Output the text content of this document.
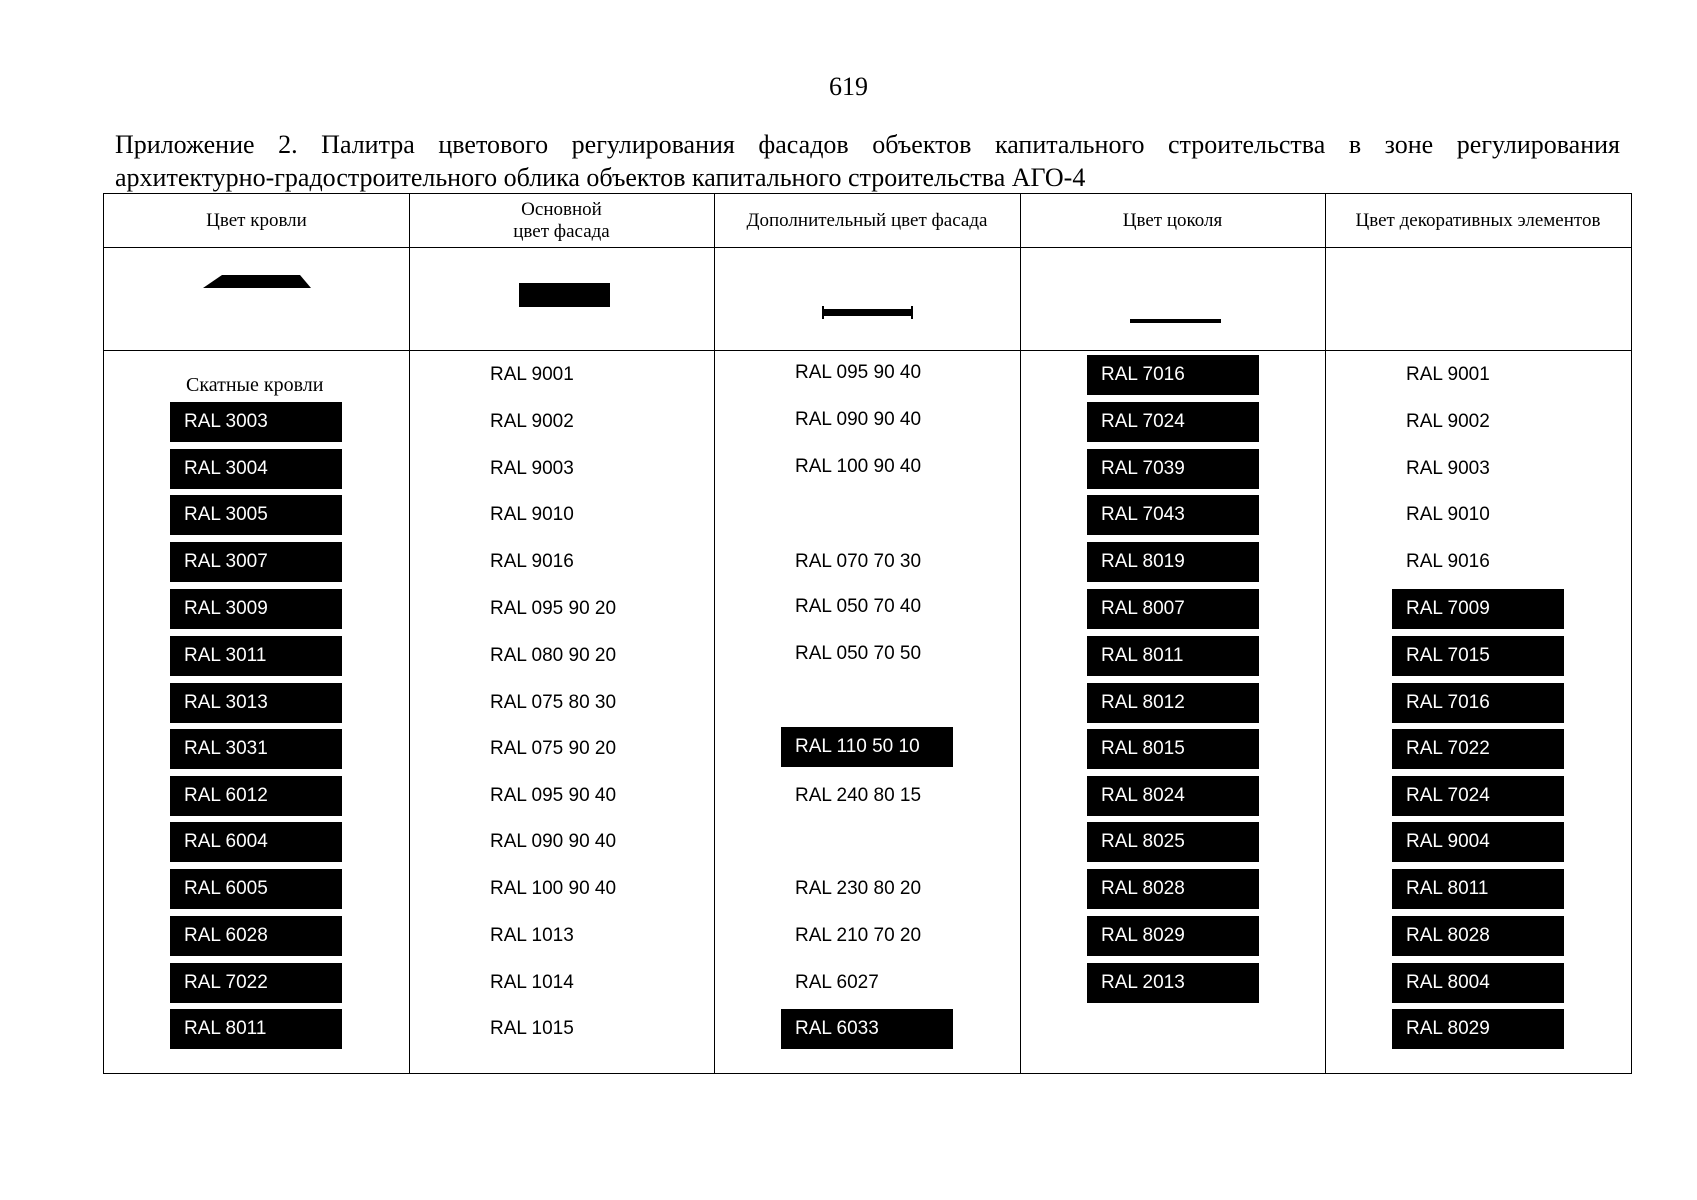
619
Приложение 2. Палитра цветового регулирования фасадов объектов капитального строительства в зоне регулирования
архитектурно-градостроительного облика объектов капитального строительства АГО-4
Цвет кровли
Основной
цвет фасада
Дополнительный цвет фасада	Цвет цоколя	Цвет декоративных элементов
Скатные кровли
RAL 3003
RAL 3004
RAL 3005
RAL 3007
RAL 3009
RAL 3011
RAL 3013
RAL 3031
RAL 6012
RAL 6004
RAL 6005
RAL 6028
RAL 7022
RAL 8011
RAL 9001
RAL 9002
RAL 9003
RAL 9010
RAL 9016
RAL 095 90 20
RAL 080 90 20
RAL 075 80 30
RAL 075 90 20
RAL 095 90 40
RAL 090 90 40
RAL 100 90 40
RAL 1013
RAL 1014
RAL 1015
RAL 095 90 40
RAL 090 90 40
RAL 100 90 40
RAL 070 70 30
RAL 050 70 40
RAL 050 70 50
RAL 110 50 10
RAL 240 80 15
RAL 230 80 20
RAL 210 70 20
RAL 6027
RAL 6033
RAL 7016
RAL 7024
RAL 7039
RAL 7043
RAL 8019
RAL 8007
RAL 8011
RAL 8012
RAL 8015
RAL 8024
RAL 8025
RAL 8028
RAL 8029
RAL 2013
RAL 9001
RAL 9002
RAL 9003
RAL 9010
RAL 9016
RAL 7009
RAL 7015
RAL 7016
RAL 7022
RAL 7024
RAL 9004
RAL 8011
RAL 8028
RAL 8004
RAL 8029
